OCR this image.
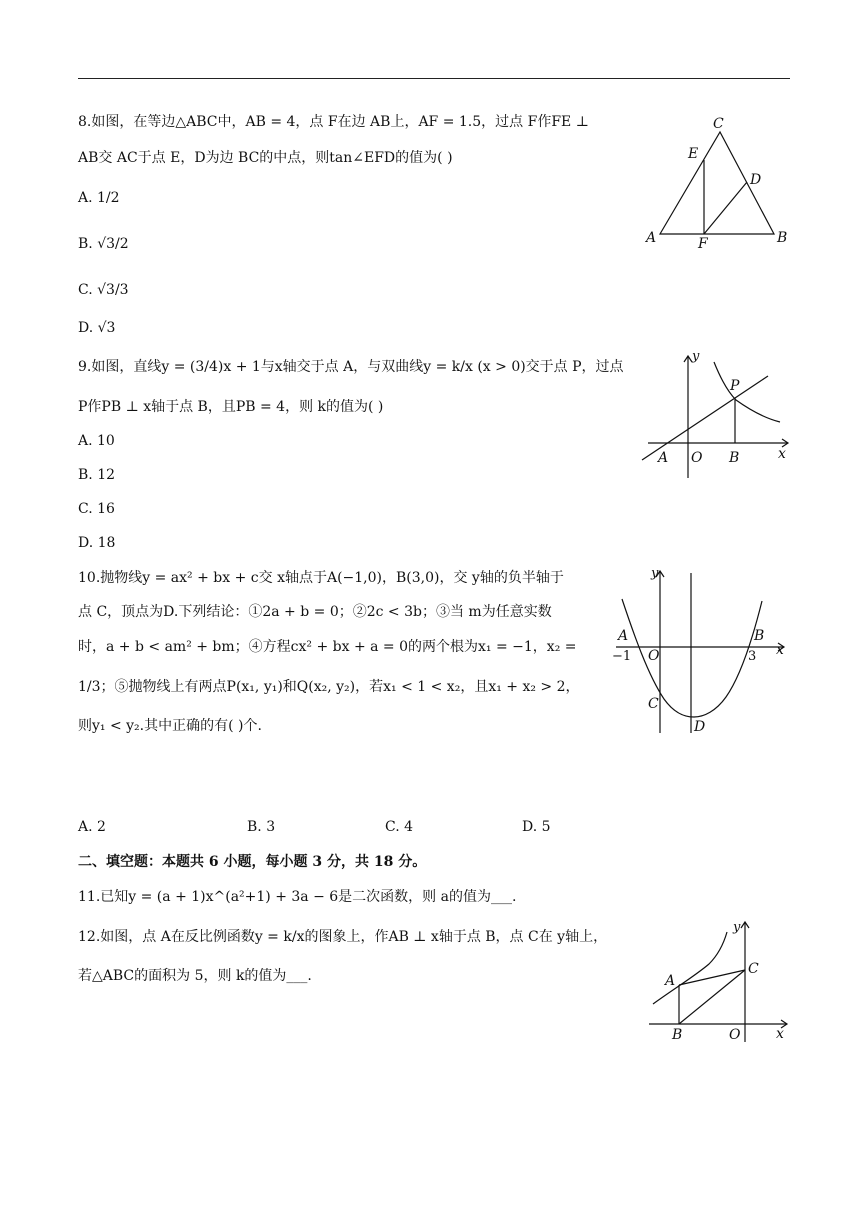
8.如图，在等边△ABC中，AB = 4，点 F在边 AB上，AF = 1.5，过点 F作FE ⊥
AB交 AC于点 E，D为边 BC的中点，则tan∠EFD的值为( )
A. 1/2
B. √3/2
C. √3/3
D. √3
C
E
D
A	F	B
9.如图，直线y = (3/4)x + 1与x轴交于点 A，与双曲线y = k/x (x > 0)交于点 P，过点
P作PB ⊥ x轴于点 B，且PB = 4，则 k的值为( )
A. 10
B. 12
C. 16
D. 18
y
P
A O B	x
10.抛物线y = ax² + bx + c交 x轴点于A(−1,0)，B(3,0)，交 y轴的负半轴于
点 C，顶点为D.下列结论：①2a + b = 0；②2c < 3b；③当 m为任意实数
时，a + b < am² + bm；④方程cx² + bx + a = 0的两个根为x₁ = −1，x₂ =
1/3；⑤抛物线上有两点P(x₁, y₁)和Q(x₂, y₂)，若x₁ < 1 < x₂，且x₁ + x₂ > 2，
则y₁ < y₂.其中正确的有( )个.
A. 2	B. 3	C. 4	D. 5
y
A	B
x
−1 O	3
C
D
二、填空题：本题共 6 小题，每小题 3 分，共 18 分。
11.已知y = (a + 1)x^(a²+1) + 3a − 6是二次函数，则 a的值为___.
12.如图，点 A在反比例函数y = k/x的图象上，作AB ⊥ x轴于点 B，点 C在 y轴上，
若△ABC的面积为 5，则 k的值为___.
y
A
C
B	O	x
